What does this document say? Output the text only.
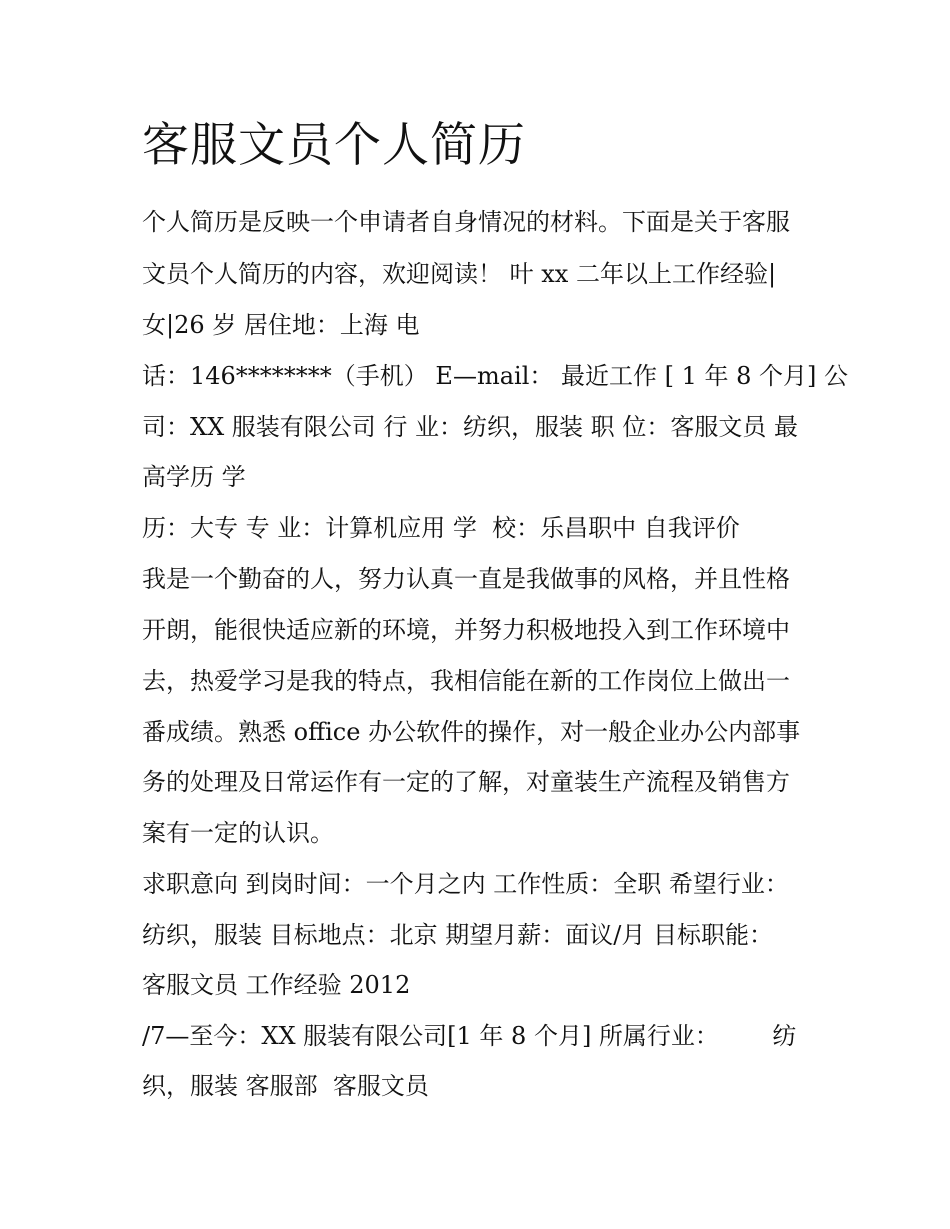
客服文员个人简历

个人简历是反映一个申请者自身情况的材料。下面是关于客服

文员个人简历的内容，欢迎阅读！ 叶 xx 二年以上工作经验|

女|26 岁 居住地：上海 电

话：146********（手机） E—mail： 最近工作 [ 1 年 8 个月] 公

司：XX 服装有限公司 行 业：纺织，服装 职 位：客服文员 最

高学历 学

历：大专 专 业：计算机应用 学  校：乐昌职中 自我评价

我是一个勤奋的人，努力认真一直是我做事的风格，并且性格

开朗，能很快适应新的环境，并努力积极地投入到工作环境中

去，热爱学习是我的特点，我相信能在新的工作岗位上做出一

番成绩。熟悉 office 办公软件的操作，对一般企业办公内部事

务的处理及日常运作有一定的了解，对童装生产流程及销售方

案有一定的认识。

求职意向 到岗时间：一个月之内 工作性质：全职 希望行业：

纺织，服装 目标地点：北京 期望月薪：面议/月 目标职能：

客服文员 工作经验 2012

/7—至今：XX 服装有限公司[1 年 8 个月] 所属行业：       纺

织，服装 客服部  客服文员
